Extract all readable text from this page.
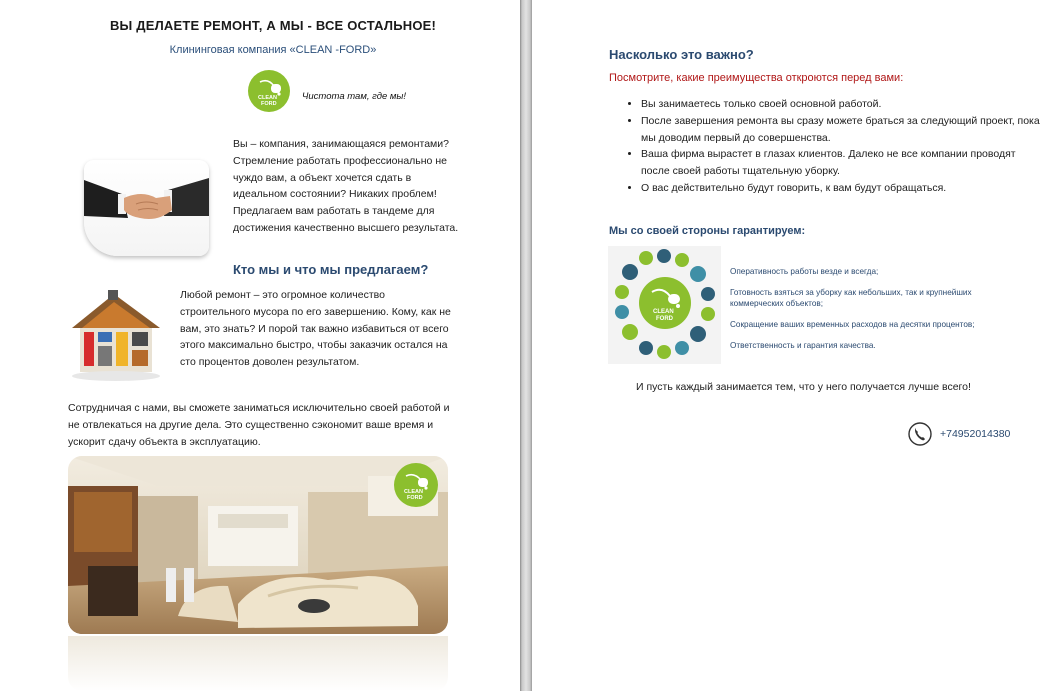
ВЫ ДЕЛАЕТЕ РЕМОНТ, А МЫ - ВСЕ ОСТАЛЬНОЕ!
Клининговая компания «CLEAN -FORD»
CLEAN
FORD
Чистота там, где мы!
Вы – компания, занимающаяся ремонтами?
Стремление работать профессионально не
чуждо вам, а объект хочется сдать в
идеальном состоянии? Никаких проблем!
Предлагаем вам работать в тандеме для
достижения качественно высшего результата.
Кто мы и что мы предлагаем?
Любой ремонт – это огромное количество
строительного мусора по его завершению. Кому, как не
вам, это знать? И порой так важно избавиться от всего
этого максимально быстро, чтобы заказчик остался на
сто процентов доволен результатом.
Сотрудничая с нами, вы сможете заниматься исключительно своей работой и
не отвлекаться на другие дела. Это существенно сэкономит ваше время и
ускорит сдачу объекта в эксплуатацию.
CLEAN
FORD
Насколько это важно?
Посмотрите, какие преимущества откроются перед вами:
• Вы занимаетесь только своей основной работой.
• После завершения ремонта вы сразу можете браться за следующий проект, пока мы доводим первый до совершенства.
• Ваша фирма вырастет в глазах клиентов. Далеко не все компании проводят после своей работы тщательную уборку.
• О вас действительно будут говорить, к вам будут обращаться.
Мы со своей стороны гарантируем:
CLEAN
FORD
Оперативность работы везде и всегда;
Готовность взяться за уборку как небольших, так и крупнейших
коммерческих объектов;
Сокращение ваших временных расходов на десятки процентов;
Ответственность и гарантия качества.
И пусть каждый занимается тем, что у него получается лучше всего!
+74952014380
